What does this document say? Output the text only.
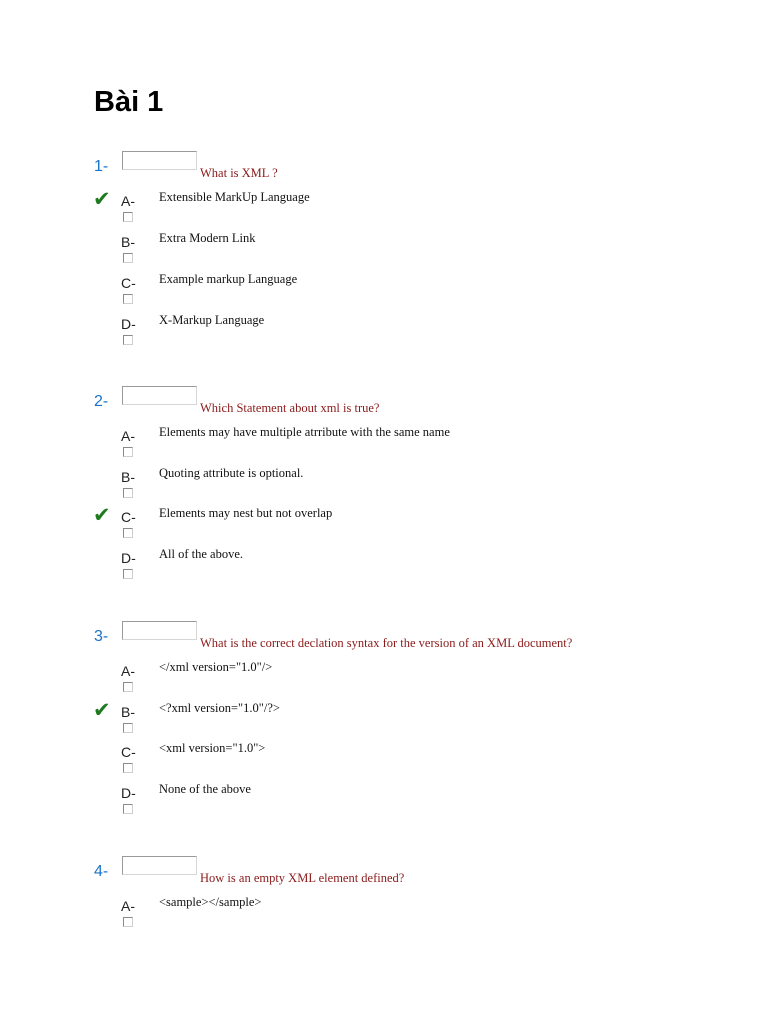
Bài 1
1-	What is XML ?
✔ A- Extensible MarkUp Language
B- Extra Modern Link
C- Example markup Language
D- X-Markup Language
2-	Which Statement about xml is true?
A- Elements may have multiple atrribute with the same name
B- Quoting attribute is optional.
✔ C- Elements may nest but not overlap
D- All of the above.
3-	What is the correct declation syntax for the version of an XML document?
A- </xml version="1.0"/>
✔ B- <?xml version="1.0"/?>
C- <xml version="1.0">
D- None of the above
4-	How is an empty XML element defined?
A- <sample></sample>
